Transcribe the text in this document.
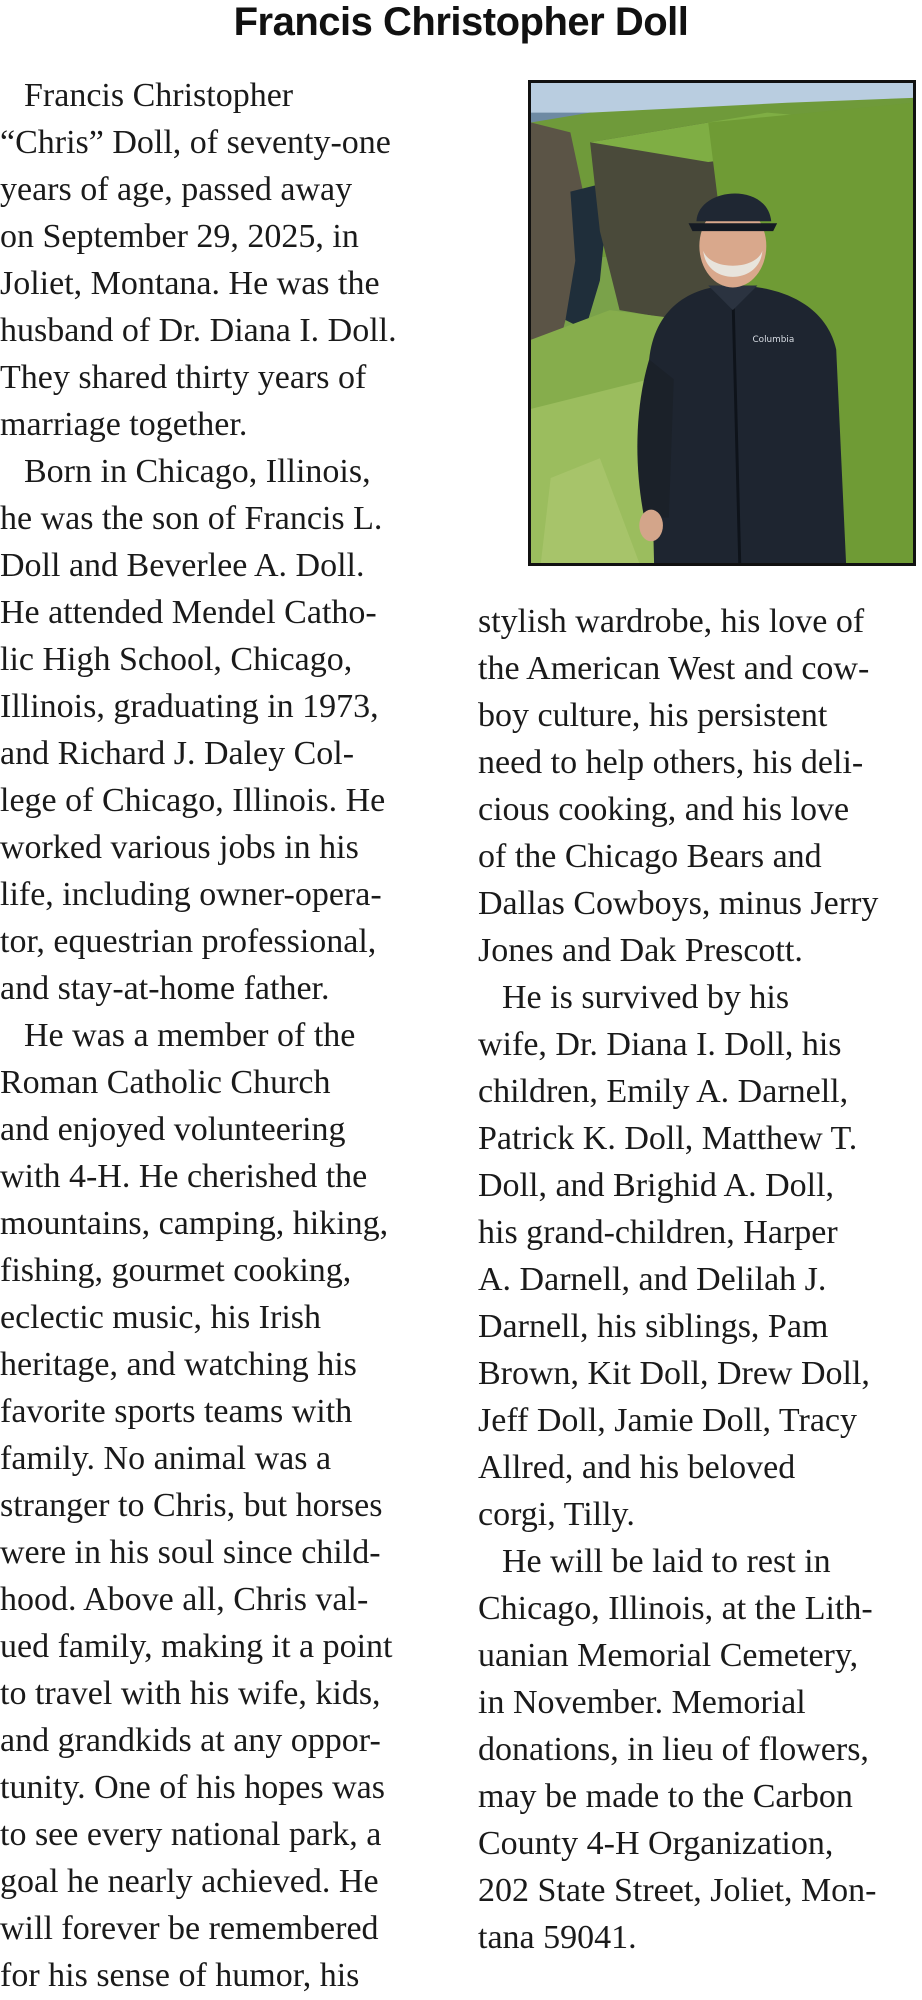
Francis Christopher Doll
Columbia

Francis Christopher
“Chris” Doll, of seventy-one
years of age, passed away
on September 29, 2025, in
Joliet, Montana. He was the
husband of Dr. Diana I. Doll.
They shared thirty years of
marriage together.

Born in Chicago, Illinois,
he was the son of Francis L.
Doll and Beverlee A. Doll.
He attended Mendel Catho-
lic High School, Chicago,
Illinois, graduating in 1973,
and Richard J. Daley Col-
lege of Chicago, Illinois. He
worked various jobs in his
life, including owner-opera-
tor, equestrian professional,
and stay-at-home father.

He was a member of the
Roman Catholic Church
and enjoyed volunteering
with 4-H. He cherished the
mountains, camping, hiking,
fishing, gourmet cooking,
eclectic music, his Irish
heritage, and watching his
favorite sports teams with
family. No animal was a
stranger to Chris, but horses
were in his soul since child-
hood. Above all, Chris val-
ued family, making it a point
to travel with his wife, kids,
and grandkids at any oppor-
tunity. One of his hopes was
to see every national park, a
goal he nearly achieved. He
will forever be remembered
for his sense of humor, his

stylish wardrobe, his love of
the American West and cow-
boy culture, his persistent
need to help others, his deli-
cious cooking, and his love
of the Chicago Bears and
Dallas Cowboys, minus Jerry
Jones and Dak Prescott.

He is survived by his
wife, Dr. Diana I. Doll, his
children, Emily A. Darnell,
Patrick K. Doll, Matthew T.
Doll, and Brighid A. Doll,
his grand-children, Harper
A. Darnell, and Delilah J.
Darnell, his siblings, Pam
Brown, Kit Doll, Drew Doll,
Jeff Doll, Jamie Doll, Tracy
Allred, and his beloved
corgi, Tilly.

He will be laid to rest in
Chicago, Illinois, at the Lith-
uanian Memorial Cemetery,
in November. Memorial
donations, in lieu of flowers,
may be made to the Carbon
County 4-H Organization,
202 State Street, Joliet, Mon-
tana 59041.
